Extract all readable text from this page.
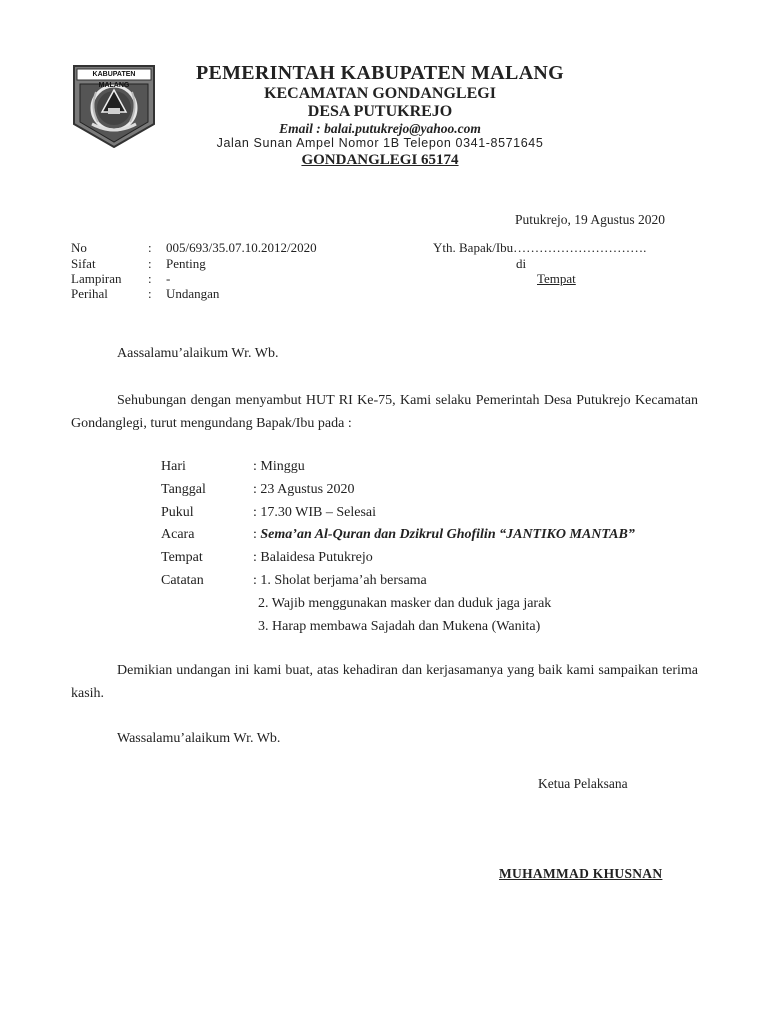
KABUPATEN MALANG
PEMERINTAH KABUPATEN MALANG
KECAMATAN GONDANGLEGI
DESA PUTUKREJO
Email : balai.putukrejo@yahoo.com
Jalan Sunan Ampel Nomor 1B Telepon 0341-8571645
GONDANGLEGI 65174
Putukrejo, 19 Agustus 2020
No	: 005/693/35.07.10.2012/2020
Sifat	: Penting
Lampiran : -
Perihal	: Undangan
Yth. Bapak/Ibu………………………….
di
Tempat
Aassalamu’alaikum Wr. Wb.
Sehubungan dengan menyambut HUT RI Ke-75, Kami selaku Pemerintah Desa Putukrejo Kecamatan Gondanglegi, turut mengundang Bapak/Ibu pada :
Hari	: Minggu
Tanggal	: 23 Agustus 2020
Pukul	: 17.30 WIB – Selesai
Acara	: Sema’an Al-Quran dan Dzikrul Ghofilin “JANTIKO MANTAB”
Tempat	: Balaidesa Putukrejo
Catatan	: 1. Sholat berjama’ah bersama
2. Wajib menggunakan masker dan duduk jaga jarak
3. Harap membawa Sajadah dan Mukena (Wanita)
Demikian undangan ini kami buat, atas kehadiran dan kerjasamanya yang baik kami sampaikan terima kasih.
Wassalamu’alaikum Wr. Wb.
Ketua Pelaksana
MUHAMMAD KHUSNAN
